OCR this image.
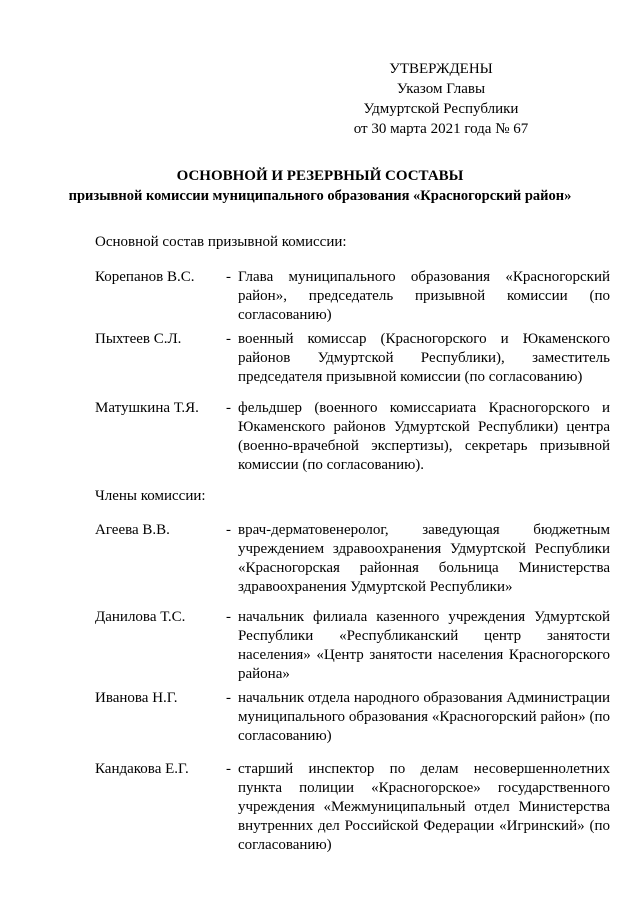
УТВЕРЖДЕНЫ
Указом Главы
Удмуртской Республики
от 30 марта 2021 года № 67
ОСНОВНОЙ И РЕЗЕРВНЫЙ СОСТАВЫ
призывной комиссии муниципального образования «Красногорский район»
Основной состав призывной комиссии:
Корепанов В.С.	- Глава муниципального образования «Красногорский район», председатель призывной комиссии (по согласованию)
Пыхтеев С.Л.	- военный комиссар (Красногорского и Юкаменского районов Удмуртской Республики), заместитель председателя призывной комиссии (по согласованию)
Матушкина Т.Я.	- фельдшер (военного комиссариата Красногорского и Юкаменского районов Удмуртской Республики) центра (военно-врачебной экспертизы), секретарь призывной комиссии (по согласованию).
Члены комиссии:
Агеева В.В.	- врач-дерматовенеролог, заведующая бюджетным учреждением здравоохранения Удмуртской Республики «Красногорская районная больница Министерства здравоохранения Удмуртской Республики»
Данилова Т.С.	- начальник филиала казенного учреждения Удмуртской Республики «Республиканский центр занятости населения» «Центр занятости населения Красногорского района»
Иванова Н.Г.	- начальник отдела народного образования Администрации муниципального образования «Красногорский район» (по согласованию)
Кандакова Е.Г.	- старший инспектор по делам несовершеннолетних пункта полиции «Красногорское» государственного учреждения «Межмуниципальный отдел Министерства внутренних дел Российской Федерации «Игринский» (по согласованию)
